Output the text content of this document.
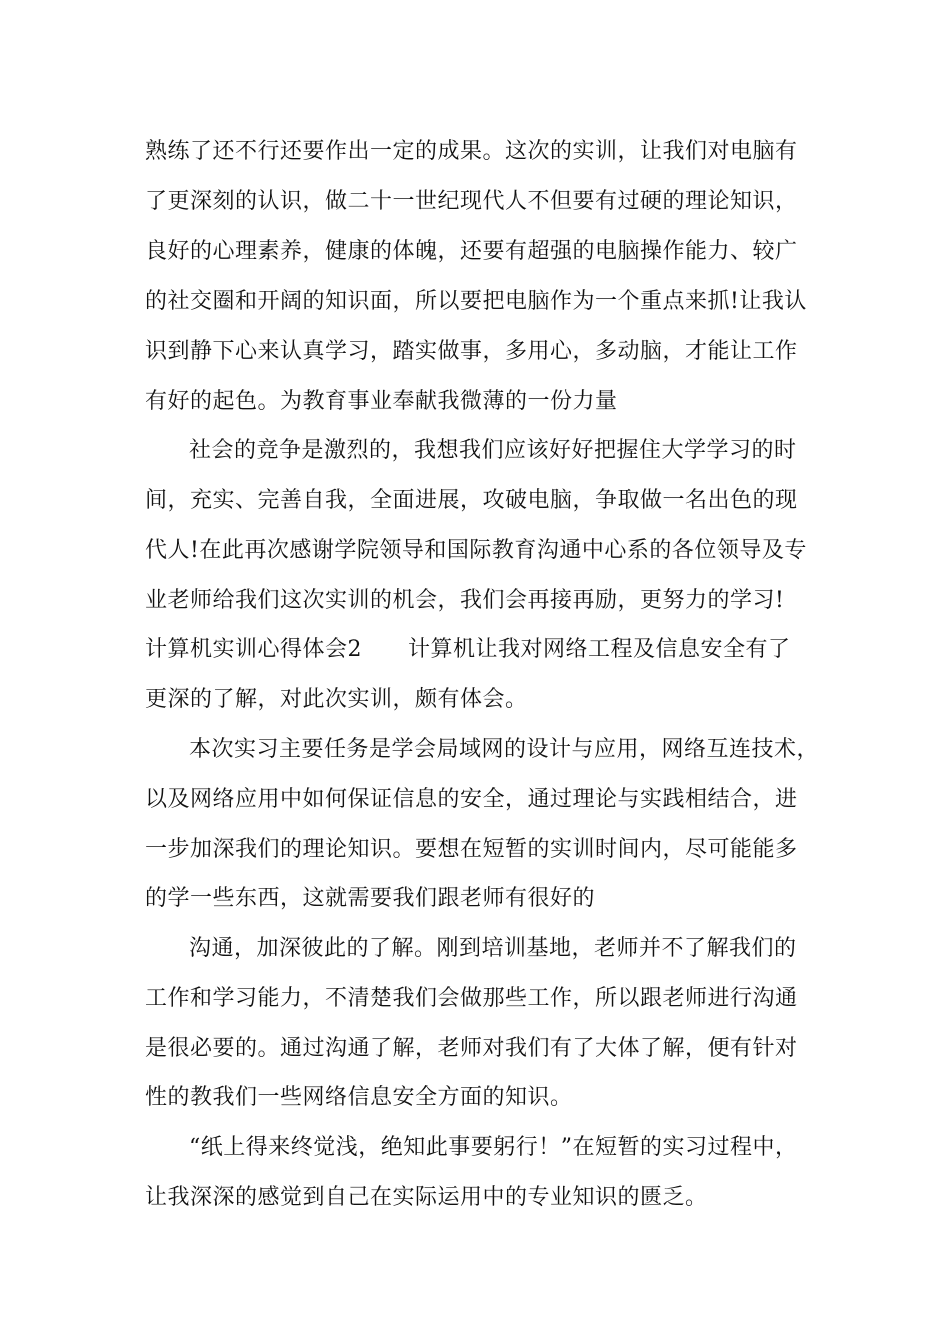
熟练了还不行还要作出一定的成果。这次的实训，让我们对电脑有
了更深刻的认识，做二十一世纪现代人不但要有过硬的理论知识，
良好的心理素养，健康的体魄，还要有超强的电脑操作能力、较广
的社交圈和开阔的知识面，所以要把电脑作为一个重点来抓!让我认
识到静下心来认真学习，踏实做事，多用心，多动脑，才能让工作
有好的起色。为教育事业奉献我微薄的一份力量
社会的竞争是激烈的，我想我们应该好好把握住大学学习的时
间，充实、完善自我，全面进展，攻破电脑，争取做一名出色的现
代人!在此再次感谢学院领导和国际教育沟通中心系的各位领导及专
业老师给我们这次实训的机会，我们会再接再励，更努力的学习!
计算机实训心得体会2 计算机让我对网络工程及信息安全有了
更深的了解，对此次实训，颇有体会。
本次实习主要任务是学会局域网的设计与应用，网络互连技术，
以及网络应用中如何保证信息的安全，通过理论与实践相结合，进
一步加深我们的理论知识。要想在短暂的实训时间内，尽可能能多
的学一些东西，这就需要我们跟老师有很好的
沟通，加深彼此的了解。刚到培训基地，老师并不了解我们的
工作和学习能力，不清楚我们会做那些工作，所以跟老师进行沟通
是很必要的。通过沟通了解，老师对我们有了大体了解，便有针对
性的教我们一些网络信息安全方面的知识。
“纸上得来终觉浅，绝知此事要躬行！”在短暂的实习过程中，
让我深深的感觉到自己在实际运用中的专业知识的匮乏。
